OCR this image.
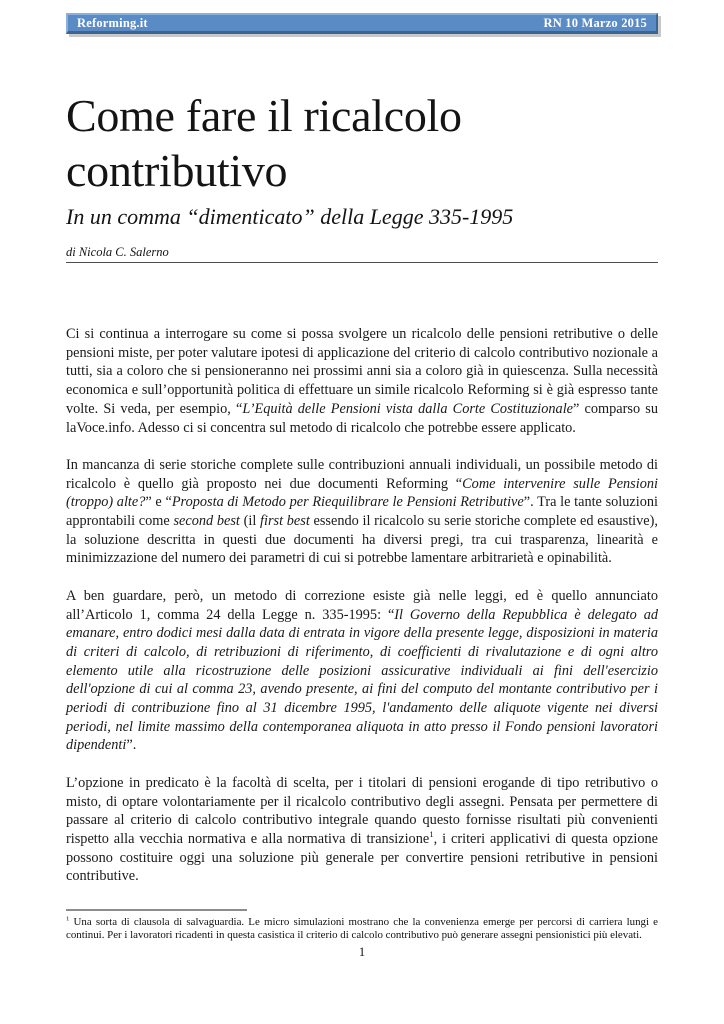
Reforming.it	RN 10 Marzo 2015
Come fare il ricalcolo contributivo
In un comma “dimenticato” della Legge 335-1995
di Nicola C. Salerno

Ci si continua a interrogare su come si possa svolgere un ricalcolo delle pensioni retributive o delle pensioni miste, per poter valutare ipotesi di applicazione del criterio di calcolo contributivo nozionale a tutti, sia a coloro che si pensioneranno nei prossimi anni sia a coloro già in quiescenza. Sulla necessità economica e sull’opportunità politica di effettuare un simile ricalcolo Reforming si è già espresso tante volte. Si veda, per esempio, “L’Equità delle Pensioni vista dalla Corte Costituzionale” comparso su laVoce.info. Adesso ci si concentra sul metodo di ricalcolo che potrebbe essere applicato.

In mancanza di serie storiche complete sulle contribuzioni annuali individuali, un possibile metodo di ricalcolo è quello già proposto nei due documenti Reforming “Come intervenire sulle Pensioni (troppo) alte?” e “Proposta di Metodo per Riequilibrare le Pensioni Retributive”. Tra le tante soluzioni approntabili come second best (il first best essendo il ricalcolo su serie storiche complete ed esaustive), la soluzione descritta in questi due documenti ha diversi pregi, tra cui trasparenza, linearità e minimizzazione del numero dei parametri di cui si potrebbe lamentare arbitrarietà e opinabilità.

A ben guardare, però, un metodo di correzione esiste già nelle leggi, ed è quello annunciato all’Articolo 1, comma 24 della Legge n. 335-1995: “Il Governo della Repubblica è delegato ad emanare, entro dodici mesi dalla data di entrata in vigore della presente legge, disposizioni in materia di criteri di calcolo, di retribuzioni di riferimento, di coefficienti di rivalutazione e di ogni altro elemento utile alla ricostruzione delle posizioni assicurative individuali ai fini dell'esercizio dell'opzione di cui al comma 23, avendo presente, ai fini del computo del montante contributivo per i periodi di contribuzione fino al 31 dicembre 1995, l'andamento delle aliquote vigente nei diversi periodi, nel limite massimo della contemporanea aliquota in atto presso il Fondo pensioni lavoratori dipendenti”.

L’opzione in predicato è la facoltà di scelta, per i titolari di pensioni erogande di tipo retributivo o misto, di optare volontariamente per il ricalcolo contributivo degli assegni. Pensata per permettere di passare al criterio di calcolo contributivo integrale quando questo fornisse risultati più convenienti rispetto alla vecchia normativa e alla normativa di transizione$^1$, i criteri applicativi di questa opzione possono costituire oggi una soluzione più generale per convertire pensioni retributive in pensioni contributive.

$^1$ Una sorta di clausola di salvaguardia. Le micro simulazioni mostrano che la convenienza emerge per percorsi di carriera lungi e continui. Per i lavoratori ricadenti in questa casistica il criterio di calcolo contributivo può generare assegni pensionistici più elevati.

1
